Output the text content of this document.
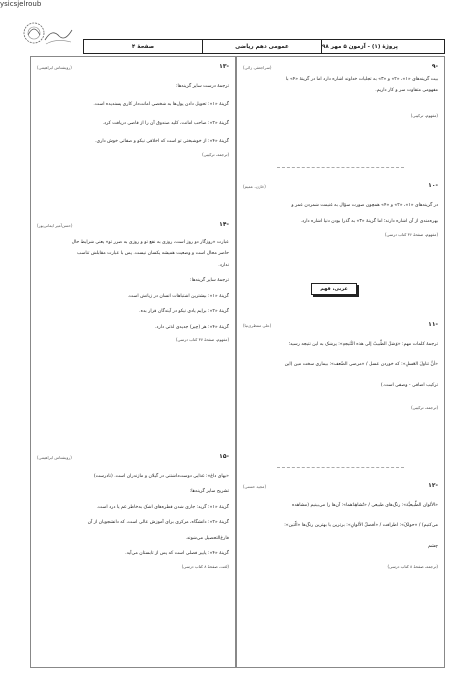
ysicsjelroub
پروژهٔ (۱) - آزمون ۵ مهر ۹۸
عمومی دهم ریاضی
صفحهٔ ۴
-۹
(سراجعفر، زائی)
بیت گزینه‌های «۱»، «۲» و «۳» به تجلیات خداوند اشاره دارد اما در گزینهٔ «۴» با
مفهومی متفاوت سر و کار داریم.
(مفهوم، ترکیبی)
-۱۰
(خازن، عمیم)
در گزینه‌های «۱»، «۲» و «۴» همچون صورت سؤال به غنیمت شمردن عمر و
بهره‌مندی از آن اشاره دارند؛ اما گزینهٔ «۳» به گذرا بودن دنیا اشاره دارد.
(مفهوم، صفحهٔ ۳۶ کتاب درسی)
عربی، فهم
-۱۱
(علی منتظری‌نیا)
ترجمهٔ کلمات مهم: «وَصَلَ الطَّبیبُ إلی هذه النَّتیجهِ»: پزشک به این نتیجه رسید؛
«أنَّ تناولَ العَسلِ»: که خوردن عسل / «مرضی الضّعف»: بیماری سخت مین (این
ترکیب اضافی - وصفی است.)
(ترجمه، ترکیبی)
-۱۲
(مجید حسنی)
«الألوان الطَّبیعیَّة»: رنگ‌های طبیعی / «تُشاهِدُهما»: آن‌ها را می‌بینیم (مشاهده
می‌کنیم) / «حولکَ»: اطرافت / «أفضلُ الألوانِ»: برترین یا بهترین رنگ‌ها «الّتین»:
چشم
(ترجمه، صفحهٔ ۸ کتاب درسی)
-۱۳
(رویشتاس ابراهیمی)
ترجمهٔ درست سایر گزینه‌ها:
گزینهٔ «۱»: تحویل دادن پول‌ها به شخصی امانت‌دار کاری پسندیده است.
گزینهٔ «۲»: صاحب امانت، کلید صندوق آن را از قاضی دریافت کرد.
گزینهٔ «۴»: از خوشبختی تو است که اخلاقی نیکو و صفاتی خوش داری.
(ترجمه، ترکیبی)
-۱۴
(حسن‌آمیر ایمانی‌پور)
عبارت «روزگار دو روز است، روزی به نفع تو و روزی به ضرر تو» یعنی شرایط حال
حاضر محال است و وضعیت همیشه یکسان نیست. پس با عبارت مقابلش تناسب
ندارد.
ترجمهٔ سایر گزینه‌ها:
گزینهٔ «۱»: بیشترین اشتباهات انسان در زبانش است.
گزینهٔ «۲»: برایم یادی نیکو در آیندگان قرار بده.
گزینهٔ «۴»: هر (چیز) جدیدی لذتی دارد.
(مفهوم، صفحهٔ ۳۷ کتاب درسی)
-۱۵
(رویشتاس ابراهیمی)
«بهای داغ»: غذایی دوست‌داشتنی در گیلان و مازندران است. (نادرست)
تشریح سایر گزینه‌ها:
گزینهٔ «۱»: گرید: جاری شدن قطره‌های اشک به‌خاطر غم یا درد است.
گزینهٔ «۲»: دانشگاه، مرکزی برای آموزش عالی است، که دانشجویان از آن
فارغ‌التحصیل می‌شوند.
گزینهٔ «۴»: پاییز فصلی است که پس از تابستان می‌آید.
(لغت، صفحهٔ ۸ کتاب درسی)
